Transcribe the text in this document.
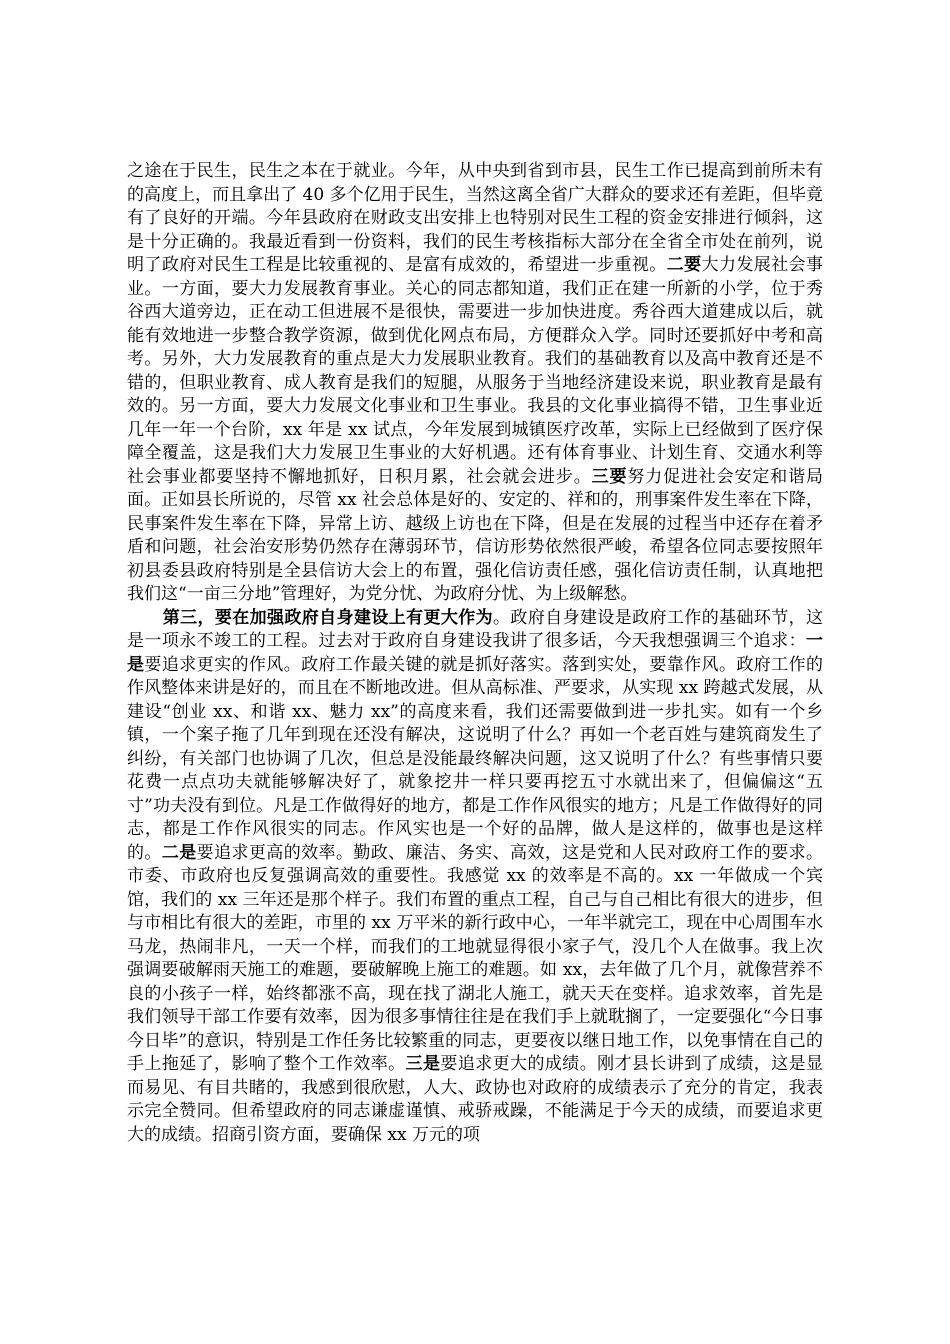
之途在于民生，民生之本在于就业。今年，从中央到省到市县，民生工作已提高到前所未有的高度上，而且拿出了 40 多个亿用于民生，当然这离全省广大群众的要求还有差距，但毕竟有了良好的开端。今年县政府在财政支出安排上也特别对民生工程的资金安排进行倾斜，这是十分正确的。我最近看到一份资料，我们的民生考核指标大部分在全省全市处在前列，说明了政府对民生工程是比较重视的、是富有成效的，希望进一步重视。二要大力发展社会事业。一方面，要大力发展教育事业。关心的同志都知道，我们正在建一所新的小学，位于秀谷西大道旁边，正在动工但进展不是很快，需要进一步加快进度。秀谷西大道建成以后，就能有效地进一步整合教学资源，做到优化网点布局，方便群众入学。同时还要抓好中考和高考。另外，大力发展教育的重点是大力发展职业教育。我们的基础教育以及高中教育还是不错的，但职业教育、成人教育是我们的短腿，从服务于当地经济建设来说，职业教育是最有效的。另一方面，要大力发展文化事业和卫生事业。我县的文化事业搞得不错，卫生事业近几年一年一个台阶，xx 年是 xx 试点，今年发展到城镇医疗改革，实际上已经做到了医疗保障全覆盖，这是我们大力发展卫生事业的大好机遇。还有体育事业、计划生育、交通水利等社会事业都要坚持不懈地抓好，日积月累，社会就会进步。三要努力促进社会安定和谐局面。正如县长所说的，尽管 xx 社会总体是好的、安定的、祥和的，刑事案件发生率在下降，民事案件发生率在下降，异常上访、越级上访也在下降，但是在发展的过程当中还存在着矛盾和问题，社会治安形势仍然存在薄弱环节，信访形势依然很严峻，希望各位同志要按照年初县委县政府特别是全县信访大会上的布置，强化信访责任感，强化信访责任制，认真地把我们这“一亩三分地”管理好，为党分忧、为政府分忧、为上级解愁。

第三，要在加强政府自身建设上有更大作为。政府自身建设是政府工作的基础环节，这是一项永不竣工的工程。过去对于政府自身建设我讲了很多话，今天我想强调三个追求：一是要追求更实的作风。政府工作最关键的就是抓好落实。落到实处，要靠作风。政府工作的作风整体来讲是好的，而且在不断地改进。但从高标准、严要求，从实现 xx 跨越式发展，从建设“创业 xx、和谐 xx、魅力 xx”的高度来看，我们还需要做到进一步扎实。如有一个乡镇，一个案子拖了几年到现在还没有解决，这说明了什么？再如一个老百姓与建筑商发生了纠纷，有关部门也协调了几次，但总是没能最终解决问题，这又说明了什么？有些事情只要花费一点点功夫就能够解决好了，就象挖井一样只要再挖五寸水就出来了，但偏偏这“五寸”功夫没有到位。凡是工作做得好的地方，都是工作作风很实的地方；凡是工作做得好的同志，都是工作作风很实的同志。作风实也是一个好的品牌，做人是这样的，做事也是这样的。二是要追求更高的效率。勤政、廉洁、务实、高效，这是党和人民对政府工作的要求。市委、市政府也反复强调高效的重要性。我感觉 xx 的效率是不高的。xx 一年做成一个宾馆，我们的 xx 三年还是那个样子。我们布置的重点工程，自己与自己相比有很大的进步，但与市相比有很大的差距，市里的 xx 万平米的新行政中心，一年半就完工，现在中心周围车水马龙，热闹非凡，一天一个样，而我们的工地就显得很小家子气，没几个人在做事。我上次强调要破解雨天施工的难题，要破解晚上施工的难题。如 xx，去年做了几个月，就像营养不良的小孩子一样，始终都涨不高，现在找了湖北人施工，就天天在变样。追求效率，首先是我们领导干部工作要有效率，因为很多事情往往是在我们手上就耽搁了，一定要强化“今日事今日毕”的意识，特别是工作任务比较繁重的同志，更要夜以继日地工作，以免事情在自己的手上拖延了，影响了整个工作效率。三是要追求更大的成绩。刚才县长讲到了成绩，这是显而易见、有目共睹的，我感到很欣慰，人大、政协也对政府的成绩表示了充分的肯定，我表示完全赞同。但希望政府的同志谦虚谨慎、戒骄戒躁，不能满足于今天的成绩，而要追求更大的成绩。招商引资方面，要确保 xx 万元的项
